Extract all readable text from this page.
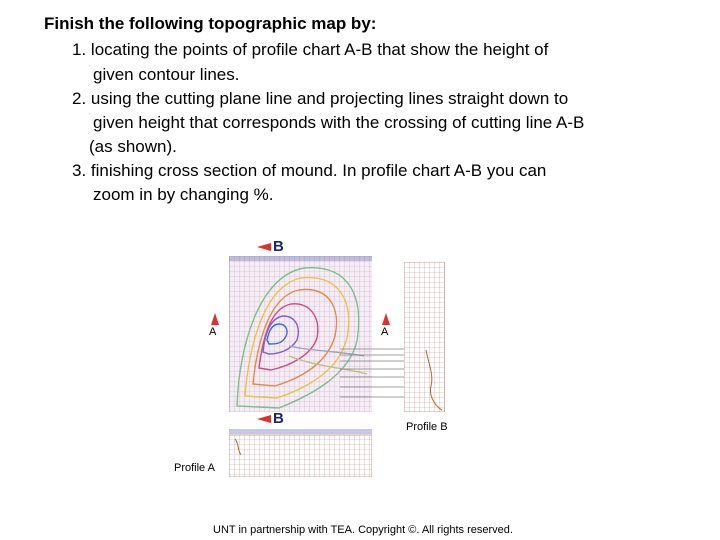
Finish the following topographic map by:
1. locating the points of profile chart A-B that show the height of
given contour lines.
2. using the cutting plane line and projecting lines straight down to
given height that corresponds with the crossing of cutting line A-B
(as shown).
3. finishing cross section of mound. In profile chart A-B you can
zoom in by changing %.
B
A	A
Profile B
B
Profile A
UNT in partnership with TEA. Copyright ©. All rights reserved.
